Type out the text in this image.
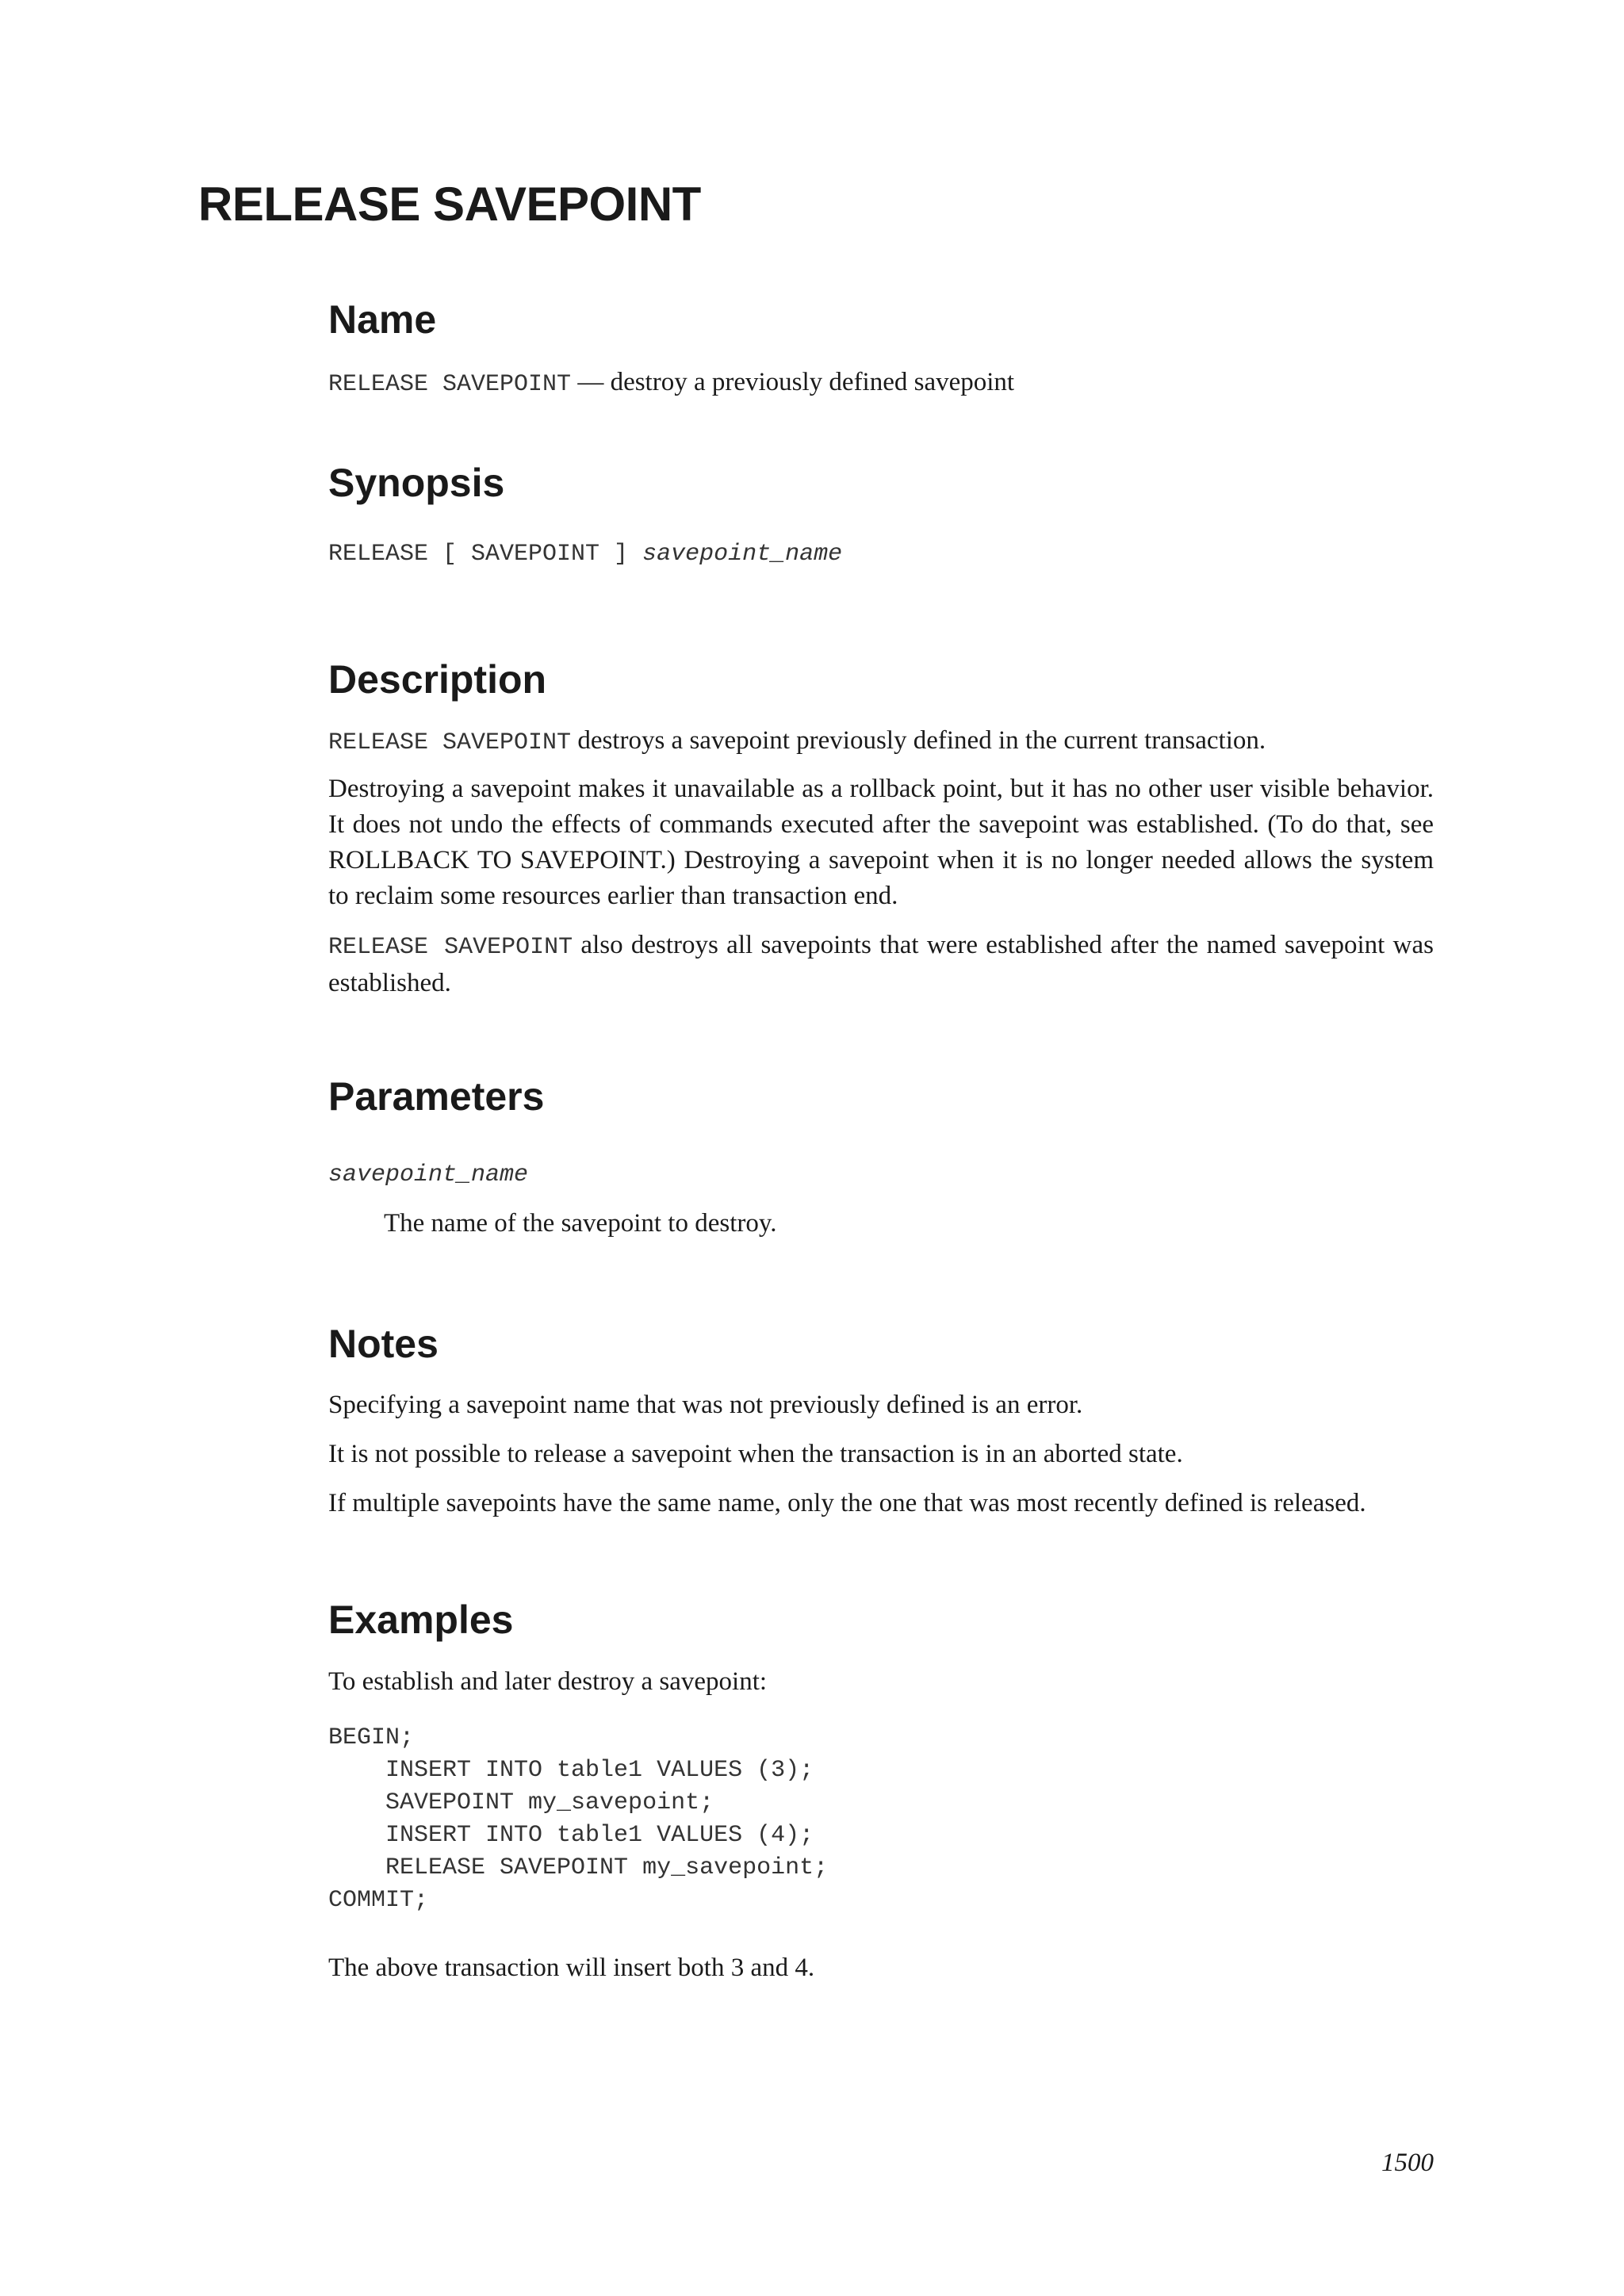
RELEASE SAVEPOINT
Name

RELEASE SAVEPOINT — destroy a previously defined savepoint

Synopsis

RELEASE [ SAVEPOINT ] savepoint_name

Description

RELEASE SAVEPOINT destroys a savepoint previously defined in the current transaction.

Destroying a savepoint makes it unavailable as a rollback point, but it has no other user visible behavior. It does not undo the effects of commands executed after the savepoint was established. (To do that, see ROLLBACK TO SAVEPOINT.) Destroying a savepoint when it is no longer needed allows the system to reclaim some resources earlier than transaction end.

RELEASE SAVEPOINT also destroys all savepoints that were established after the named savepoint was established.

Parameters

savepoint_name

The name of the savepoint to destroy.

Notes

Specifying a savepoint name that was not previously defined is an error.

It is not possible to release a savepoint when the transaction is in an aborted state.

If multiple savepoints have the same name, only the one that was most recently defined is released.

Examples

To establish and later destroy a savepoint:

BEGIN;
INSERT INTO table1 VALUES (3);
SAVEPOINT my_savepoint;
INSERT INTO table1 VALUES (4);
RELEASE SAVEPOINT my_savepoint;
COMMIT;

The above transaction will insert both 3 and 4.

1500
